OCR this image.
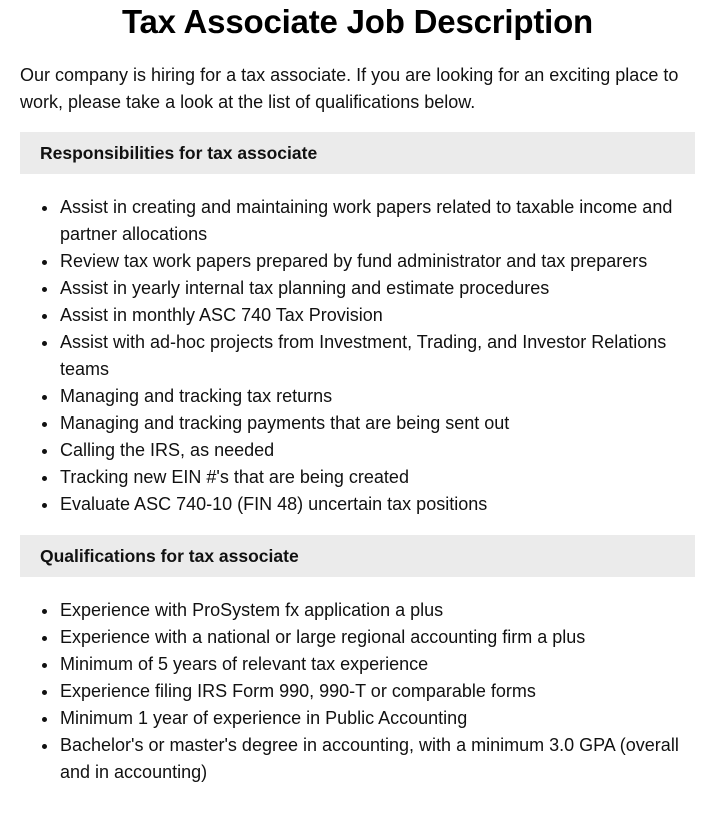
Tax Associate Job Description

Our company is hiring for a tax associate. If you are looking for an exciting place to work, please take a look at the list of qualifications below.

Responsibilities for tax associate
Assist in creating and maintaining work papers related to taxable income and partner allocations
Review tax work papers prepared by fund administrator and tax preparers
Assist in yearly internal tax planning and estimate procedures
Assist in monthly ASC 740 Tax Provision
Assist with ad-hoc projects from Investment, Trading, and Investor Relations teams
Managing and tracking tax returns
Managing and tracking payments that are being sent out
Calling the IRS, as needed
Tracking new EIN #'s that are being created
Evaluate ASC 740-10 (FIN 48) uncertain tax positions
Qualifications for tax associate
Experience with ProSystem fx application a plus
Experience with a national or large regional accounting firm a plus
Minimum of 5 years of relevant tax experience
Experience filing IRS Form 990, 990-T or comparable forms
Minimum 1 year of experience in Public Accounting
Bachelor's or master's degree in accounting, with a minimum 3.0 GPA (overall and in accounting)
